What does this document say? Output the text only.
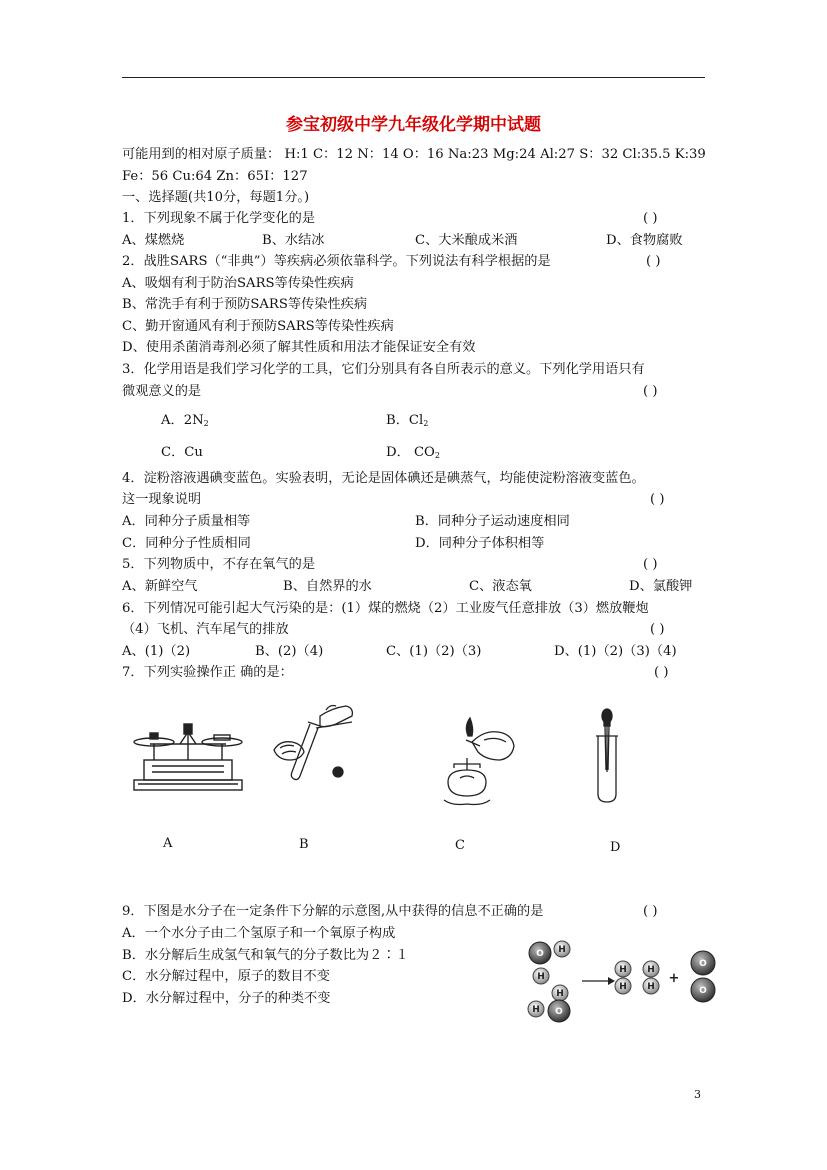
参宝初级中学九年级化学期中试题
可能用到的相对原子质量： H:1 C：12 N：14 O：16 Na:23 Mg:24 Al:27 S：32 Cl:35.5 K:39
Fe：56 Cu:64 Zn：65I：127
一、选择题(共10分，每题1分。)
1．下列现象不属于化学变化的是	( )
A、煤燃烧	B、水结冰	C、大米酿成米酒	D、食物腐败
2．战胜SARS（“非典”）等疾病必须依靠科学。下列说法有科学根据的是	( )
A、吸烟有利于防治SARS等传染性疾病
B、常洗手有利于预防SARS等传染性疾病
C、勤开窗通风有利于预防SARS等传染性疾病
D、使用杀菌消毒剂必须了解其性质和用法才能保证安全有效
3．化学用语是我们学习化学的工具，它们分别具有各自所表示的意义。下列化学用语只有
微观意义的是	( )
A．$2N_2$	B．$Cl_2$
C．Cu	D． $CO_2$
4．淀粉溶液遇碘变蓝色。实验表明，无论是固体碘还是碘蒸气，均能使淀粉溶液变蓝色。
这一现象说明	( )
A．同种分子质量相等	B．同种分子运动速度相同
C．同种分子性质相同	D．同种分子体积相等
5．下列物质中，不存在氧气的是	( )
A、新鲜空气	B、自然界的水	C、液态氧	D、氯酸钾
6．下列情况可能引起大气污染的是：(1）煤的燃烧（2）工业废气任意排放（3）燃放鞭炮
（4）飞机、汽车尾气的排放	( )
A、(1)（2)	B、(2)（4)	C、(1)（2)（3)	D、(1)（2)（3)（4)
7．下列实验操作正 确的是：	( )
A	B	C	D
9．下图是水分子在一定条件下分解的示意图,从中获得的信息不正确的是	( )
A．一个水分子由二个氢原子和一个氧原子构成
B．水分解后生成氢气和氧气的分子数比为２∶１
C．水分解过程中，原子的数目不变
D．水分解过程中，分子的种类不变
O H
H
H
H O
H
H
H
H
+
O
O
3
